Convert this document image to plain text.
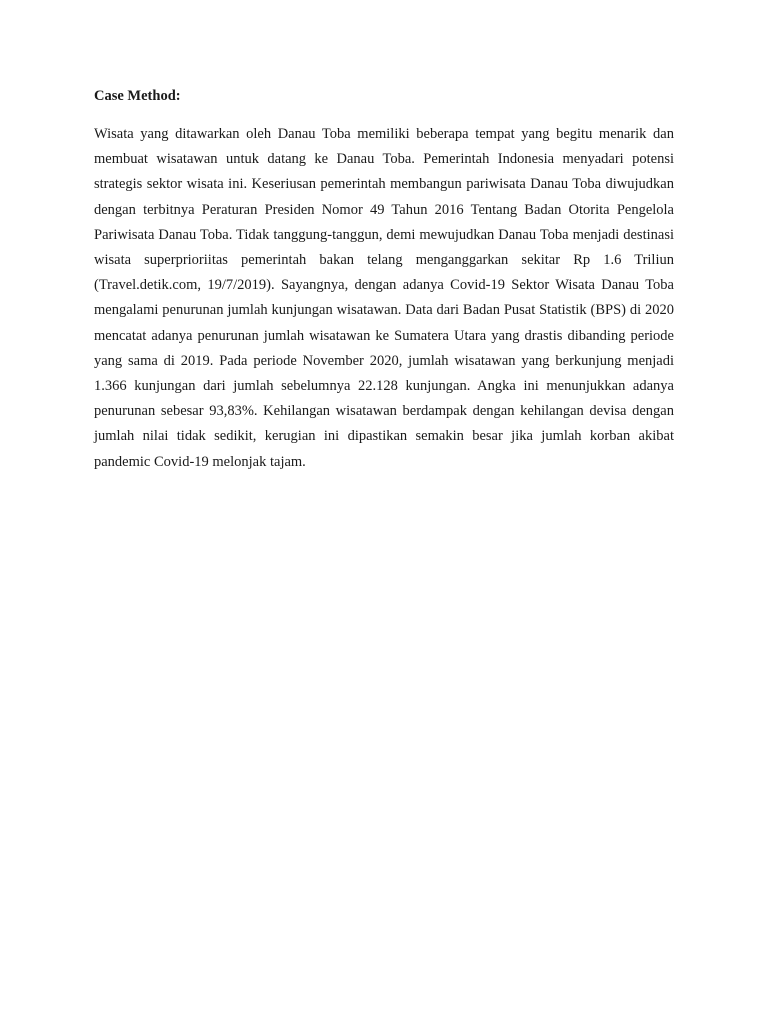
Case Method:

Wisata yang ditawarkan oleh Danau Toba memiliki beberapa tempat yang begitu menarik dan membuat wisatawan untuk datang ke Danau Toba. Pemerintah Indonesia menyadari potensi strategis sektor wisata ini. Keseriusan pemerintah membangun pariwisata Danau Toba diwujudkan dengan terbitnya Peraturan Presiden Nomor 49 Tahun 2016 Tentang Badan Otorita Pengelola Pariwisata Danau Toba. Tidak tanggung-tanggun, demi mewujudkan Danau Toba menjadi destinasi wisata superprioriitas pemerintah bakan telang menganggarkan sekitar Rp 1.6 Triliun (Travel.detik.com, 19/7/2019). Sayangnya, dengan adanya Covid-19 Sektor Wisata Danau Toba mengalami penurunan jumlah kunjungan wisatawan. Data dari Badan Pusat Statistik (BPS) di 2020 mencatat adanya penurunan jumlah wisatawan ke Sumatera Utara yang drastis dibanding periode yang sama di 2019. Pada periode November 2020, jumlah wisatawan yang berkunjung menjadi 1.366 kunjungan dari jumlah sebelumnya 22.128 kunjungan. Angka ini menunjukkan adanya penurunan sebesar 93,83%. Kehilangan wisatawan berdampak dengan kehilangan devisa dengan jumlah nilai tidak sedikit, kerugian ini dipastikan semakin besar jika jumlah korban akibat pandemic Covid-19 melonjak tajam.
